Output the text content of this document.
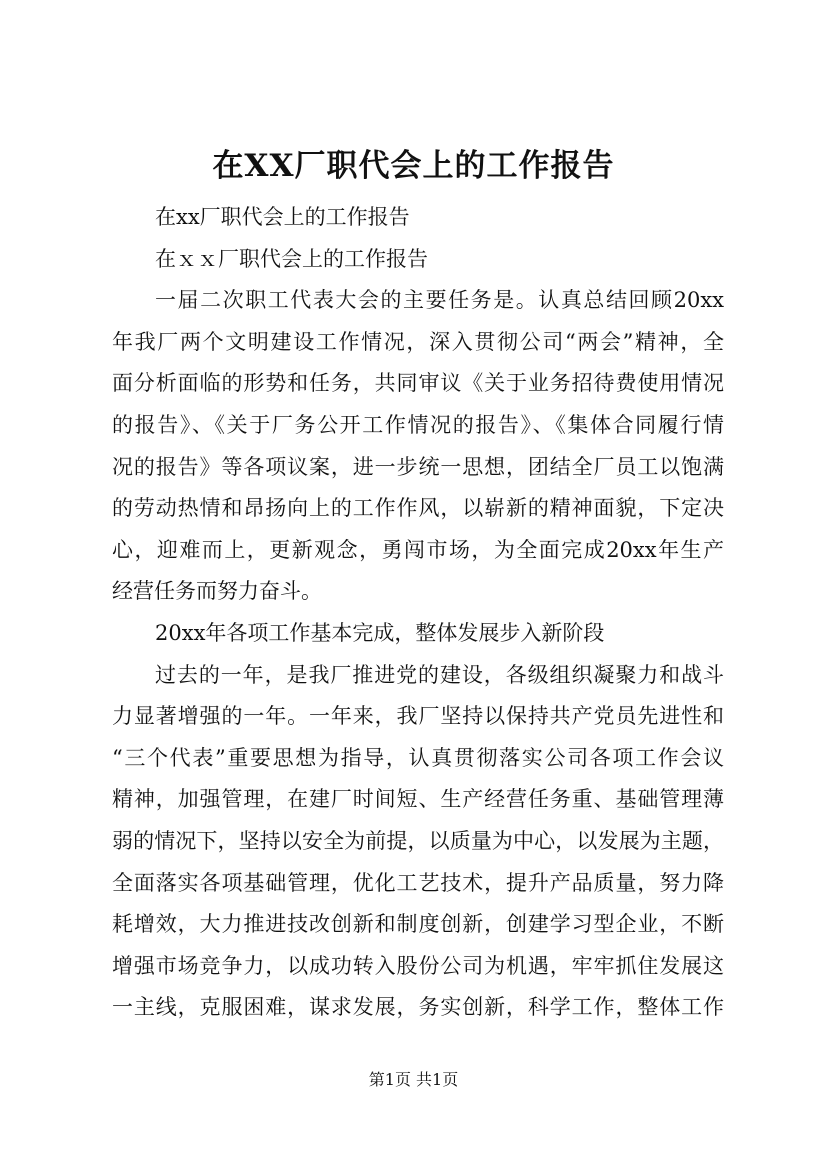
在XX厂职代会上的工作报告

在xx厂职代会上的工作报告

在ｘｘ厂职代会上的工作报告

一届二次职工代表大会的主要任务是。认真总结回顾20xx

年我厂两个文明建设工作情况，深入贯彻公司“两会”精神，全

面分析面临的形势和任务，共同审议《关于业务招待费使用情况

的报告》、《关于厂务公开工作情况的报告》、《集体合同履行情

况的报告》等各项议案，进一步统一思想，团结全厂员工以饱满

的劳动热情和昂扬向上的工作作风，以崭新的精神面貌，下定决

心，迎难而上，更新观念，勇闯市场，为全面完成20xx年生产

经营任务而努力奋斗。

20xx年各项工作基本完成，整体发展步入新阶段

过去的一年，是我厂推进党的建设，各级组织凝聚力和战斗

力显著增强的一年。一年来，我厂坚持以保持共产党员先进性和

“三个代表”重要思想为指导，认真贯彻落实公司各项工作会议

精神，加强管理，在建厂时间短、生产经营任务重、基础管理薄

弱的情况下，坚持以安全为前提，以质量为中心，以发展为主题，

全面落实各项基础管理，优化工艺技术，提升产品质量，努力降

耗增效，大力推进技改创新和制度创新，创建学习型企业，不断

增强市场竞争力，以成功转入股份公司为机遇，牢牢抓住发展这

一主线，克服困难，谋求发展，务实创新，科学工作，整体工作

第1页 共1页
